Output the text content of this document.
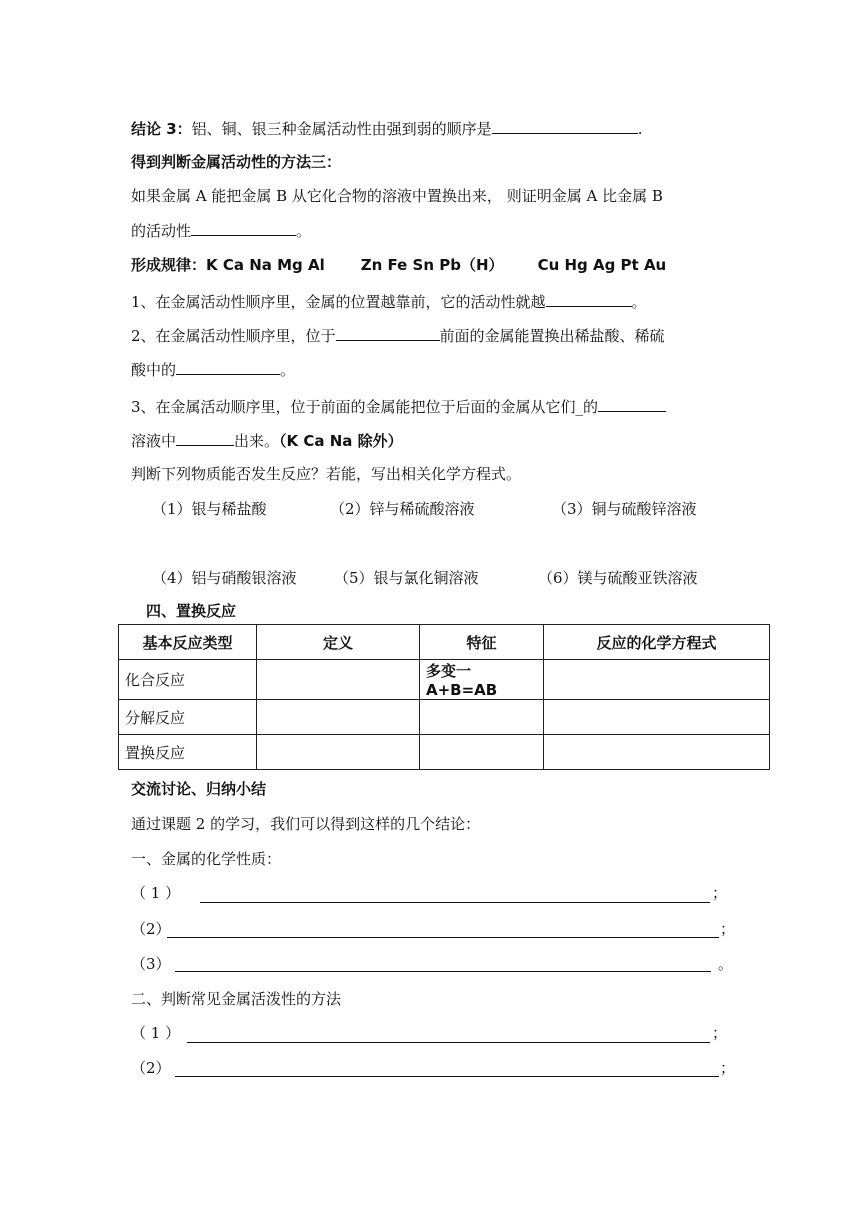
结论 3：铝、铜、银三种金属活动性由强到弱的顺序是	.
得到判断金属活动性的方法三：
如果金属 A 能把金属 B 从它化合物的溶液中置换出来， 则证明金属 A 比金属 B
的活动性	。
形成规律：K Ca Na Mg Al Zn Fe Sn Pb（H） Cu Hg Ag Pt Au
1、在金属活动性顺序里，金属的位置越靠前，它的活动性就越	。
2、在金属活动性顺序里，位于	前面的金属能置换出稀盐酸、稀硫
酸中的	。
3、在金属活动顺序里，位于前面的金属能把位于后面的金属从它们_的
溶液中	出来。（K Ca Na 除外）
判断下列物质能否发生反应？若能，写出相关化学方程式。
（1）银与稀盐酸	（2）锌与稀硫酸溶液	（3）铜与硫酸锌溶液
（4）铝与硝酸银溶液 （5）银与氯化铜溶液	（6）镁与硫酸亚铁溶液
四、置换反应
基本反应类型	定义	特征	反应的化学方程式
化合反应		多变一 A+B=AB	
分解反应			
置换反应			
交流讨论、归纳小结
通过课题 2 的学习，我们可以得到这样的几个结论：
一、金属的化学性质：
（ 1 ）	；
（2）	；
（3）	。
二、判断常见金属活泼性的方法
（ 1 ）	；
（2）	；
